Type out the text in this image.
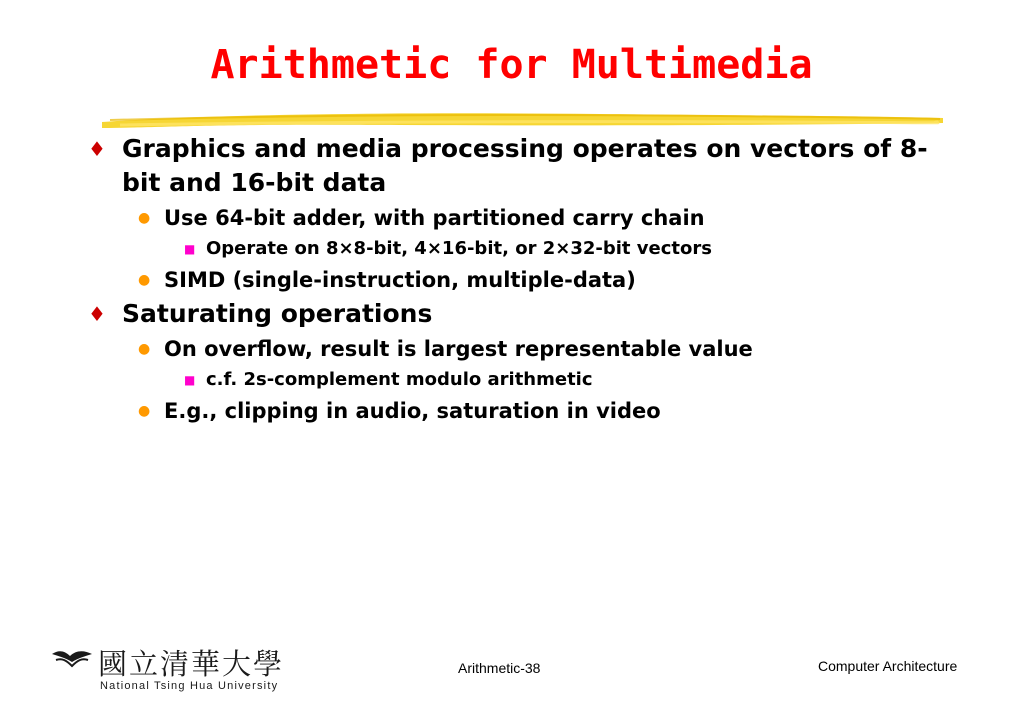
Arithmetic for Multimedia
♦ Graphics and media processing operates on vectors of 8-bit and 16-bit data
● Use 64-bit adder, with partitioned carry chain
■ Operate on 8×8-bit, 4×16-bit, or 2×32-bit vectors
● SIMD (single-instruction, multiple-data)
♦ Saturating operations
● On overflow, result is largest representable value
■ c.f. 2s-complement modulo arithmetic
● E.g., clipping in audio, saturation in video
國立清華大學
National Tsing Hua University
Arithmetic-38	Computer Architecture
